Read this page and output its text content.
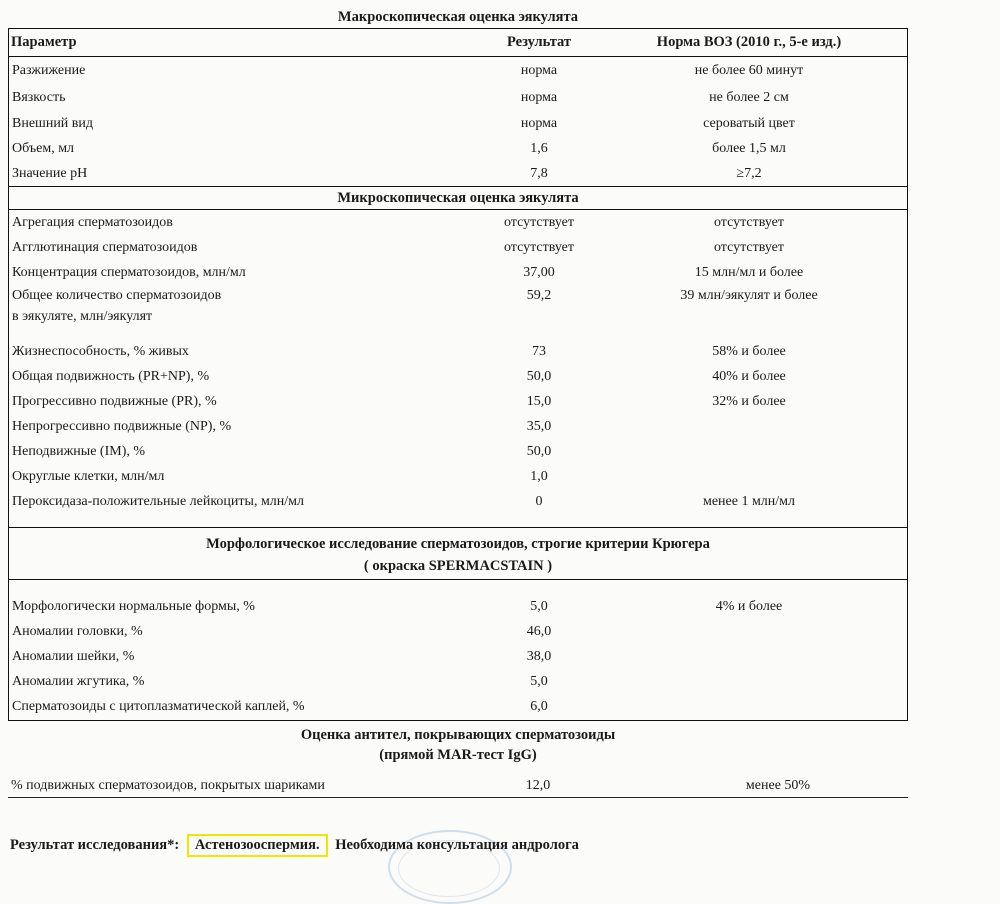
Макроскопическая оценка эякулята
Параметр	Результат	Норма ВОЗ (2010 г., 5-е изд.)
Разжижение	норма	не более 60 минут
Вязкость	норма	не более 2 см
Внешний вид	норма	сероватый цвет
Объем, мл	1,6	более 1,5 мл
Значение pH	7,8	≥7,2
Микроскопическая оценка эякулята
Агрегация сперматозоидов	отсутствует	отсутствует
Агглютинация сперматозоидов	отсутствует	отсутствует
Концентрация сперматозоидов, млн/мл	37,00	15 млн/мл и более
Общее количество сперматозоидов
в эякуляте, млн/эякулят
59,2	39 млн/эякулят и более
Жизнеспособность, % живых	73	58% и более
Общая подвижность (PR+NP), %	50,0	40% и более
Прогрессивно подвижные (PR), %	15,0	32% и более
Непрогрессивно подвижные (NP), %	35,0
Неподвижные (IM), %	50,0
Округлые клетки, млн/мл	1,0
Пероксидаза-положительные лейкоциты, млн/мл	0	менее 1 млн/мл
Морфологическое исследование сперматозоидов, строгие критерии Крюгера
( окраска SPERMACSTAIN )
Морфологически нормальные формы, %	5,0	4% и более
Аномалии головки, %	46,0
Аномалии шейки, %	38,0
Аномалии жгутика, %	5,0
Сперматозоиды с цитоплазматической каплей, %	6,0
Оценка антител, покрывающих сперматозоиды
(прямой MAR-тест IgG)
% подвижных сперматозоидов, покрытых шариками	12,0	менее 50%
Результат исследования*: Астенозооспермия. Необходима консультация андролога
